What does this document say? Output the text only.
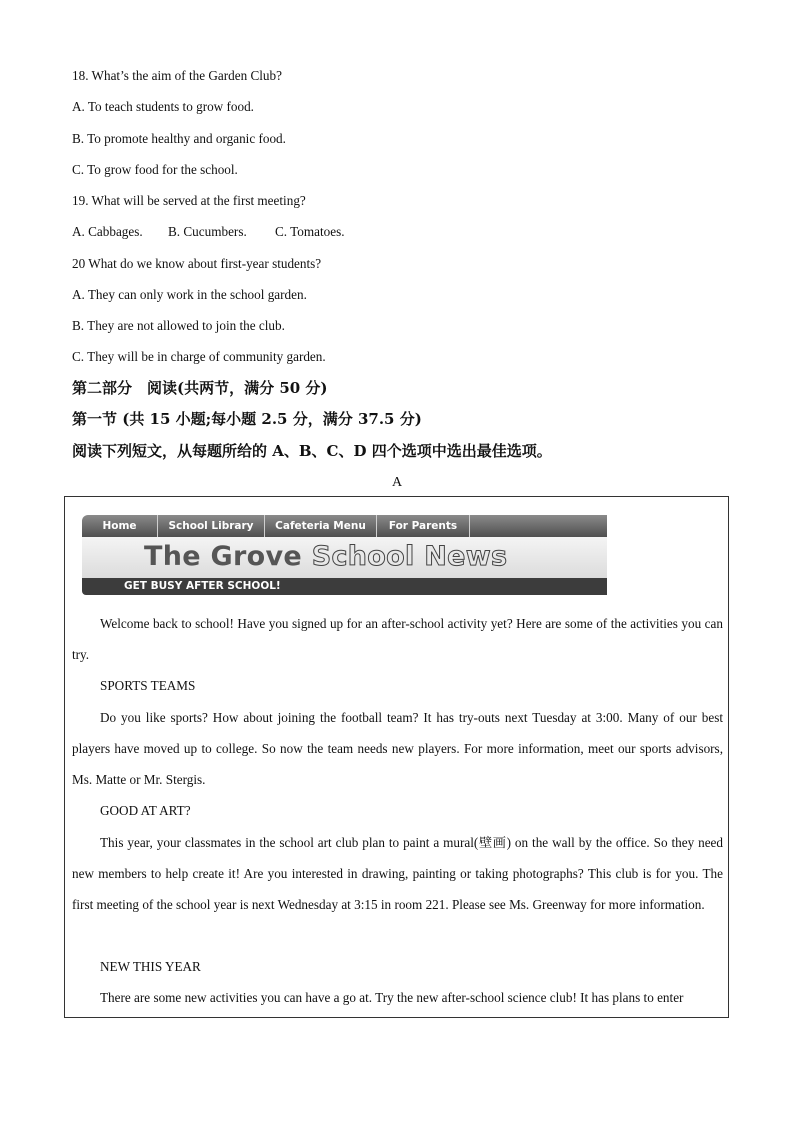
18. What’s the aim of the Garden Club?
A. To teach students to grow food.
B. To promote healthy and organic food.
C. To grow food for the school.
19. What will be served at the first meeting?
A. Cabbages. B. Cucumbers. C. Tomatoes.
20 What do we know about first-year students?
A. They can only work in the school garden.
B. They are not allowed to join the club.
C. They will be in charge of community garden.
第二部分　阅读(共两节，满分 50 分)
第一节 (共 15 小题;每小题 2.5 分，满分 37.5 分)
阅读下列短文，从每题所给的 A、B、C、D 四个选项中选出最佳选项。
A
Home	School Library	Cafeteria Menu	For Parents
The Grove School News
GET BUSY AFTER SCHOOL!
Welcome back to school! Have you signed up for an after-school activity yet? Here are some of the activities you can try.
SPORTS TEAMS
Do you like sports? How about joining the football team? It has try-outs next Tuesday at 3:00. Many of our best players have moved up to college. So now the team needs new players. For more information, meet our sports advisors, Ms. Matte or Mr. Stergis.
GOOD AT ART?
This year, your classmates in the school art club plan to paint a mural(壁画) on the wall by the office. So they need new members to help create it! Are you interested in drawing, painting or taking photographs? This club is for you. The first meeting of the school year is next Wednesday at 3:15 in room 221. Please see Ms. Greenway for more information.
NEW THIS YEAR
There are some new activities you can have a go at. Try the new after-school science club! It has plans to enter
